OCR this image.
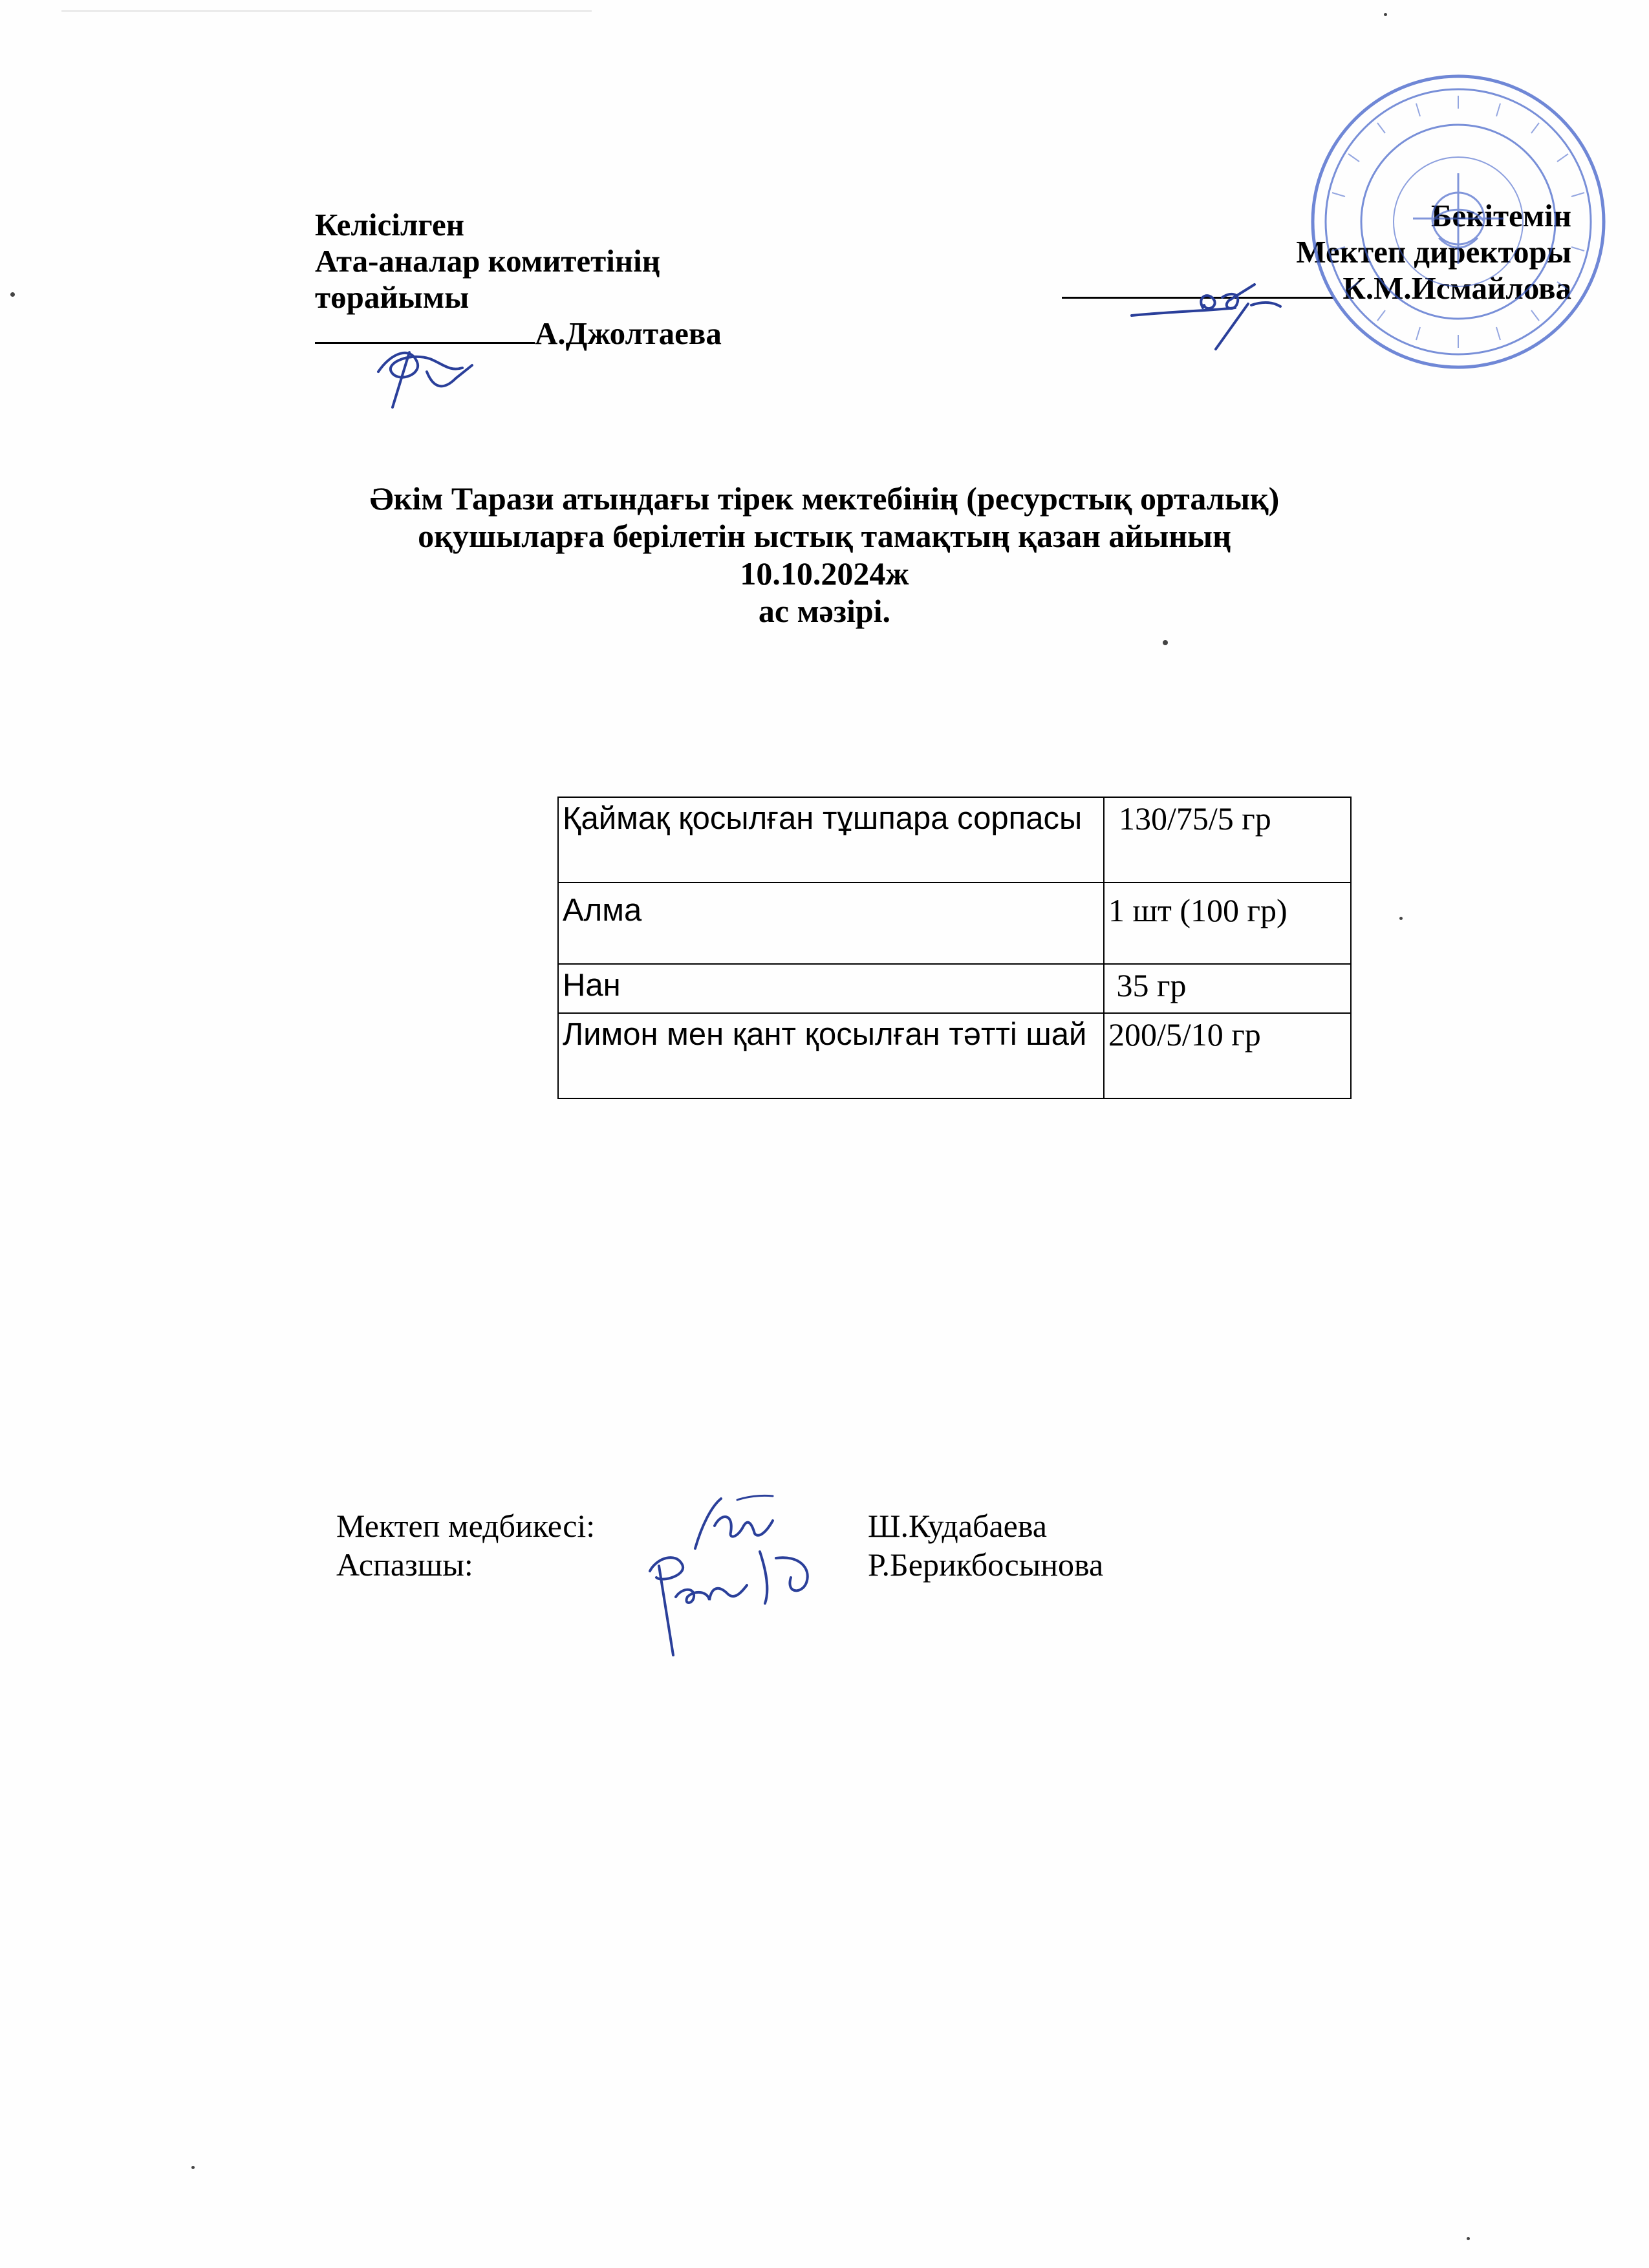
Келісілген
Ата-аналар комитетінің
төрайымы
А.Джолтаева
Бекітемін
Мектеп директоры
К.М.Исмайлова
Әкім Тарази атындағы тірек мектебінің (ресурстық орталық)
оқушыларға берілетін ыстық тамақтың қазан айының
10.10.2024ж
ас мәзірі.
Қаймақ қосылған тұшпара сорпасы	130/75/5 гр
Алма	1 шт (100 гр)
Нан	35 гр
Лимон мен қант қосылған тәтті шай	200/5/10 гр
Мектеп медбикесі:	Ш.Кудабаева
Аспазшы:	Р.Берикбосынова
